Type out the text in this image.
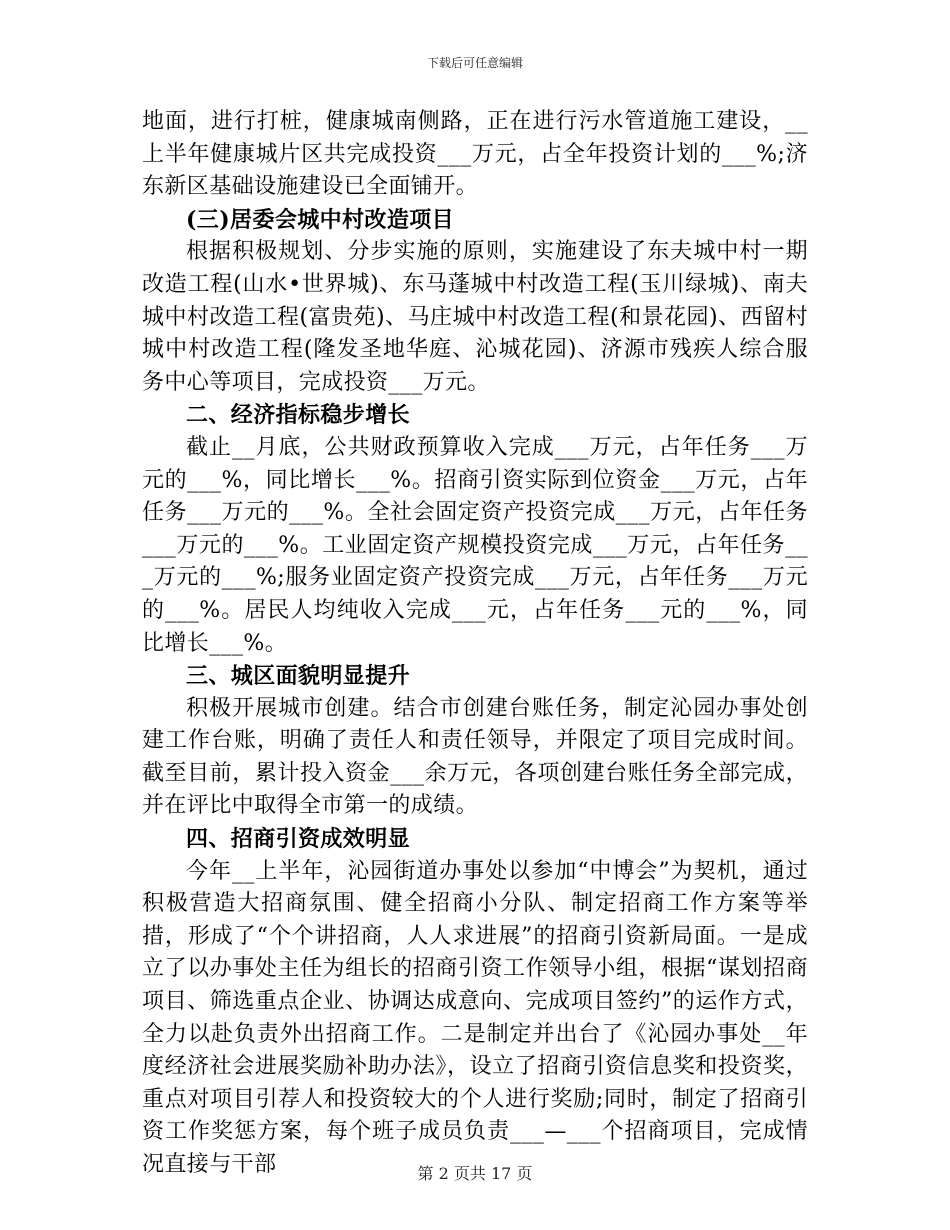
下载后可任意编辑

地面，进行打桩，健康城南侧路，正在进行污水管道施工建设，__上半年健康城片区共完成投资___万元，占全年投资计划的___%;济东新区基础设施建设已全面铺开。

(三)居委会城中村改造项目

根据积极规划、分步实施的原则，实施建设了东夫城中村一期改造工程(山水•世界城)、东马蓬城中村改造工程(玉川绿城)、南夫城中村改造工程(富贵苑)、马庄城中村改造工程(和景花园)、西留村城中村改造工程(隆发圣地华庭、沁城花园)、济源市残疾人综合服务中心等项目，完成投资___万元。

二、经济指标稳步增长

截止__月底，公共财政预算收入完成___万元，占年任务___万元的___%，同比增长___%。招商引资实际到位资金___万元，占年任务___万元的___%。全社会固定资产投资完成___万元，占年任务___万元的___%。工业固定资产规模投资完成___万元，占年任务___万元的___%;服务业固定资产投资完成___万元，占年任务___万元的___%。居民人均纯收入完成___元，占年任务___元的___%，同比增长___%。

三、城区面貌明显提升

积极开展城市创建。结合市创建台账任务，制定沁园办事处创建工作台账，明确了责任人和责任领导，并限定了项目完成时间。截至目前，累计投入资金___余万元，各项创建台账任务全部完成，并在评比中取得全市第一的成绩。

四、招商引资成效明显

今年__上半年，沁园街道办事处以参加“中博会”为契机，通过积极营造大招商氛围、健全招商小分队、制定招商工作方案等举措，形成了“个个讲招商，人人求进展”的招商引资新局面。一是成立了以办事处主任为组长的招商引资工作领导小组，根据“谋划招商项目、筛选重点企业、协调达成意向、完成项目签约”的运作方式，全力以赴负责外出招商工作。二是制定并出台了《沁园办事处__年度经济社会进展奖励补助办法》，设立了招商引资信息奖和投资奖，重点对项目引荐人和投资较大的个人进行奖励;同时，制定了招商引资工作奖惩方案，每个班子成员负责___—___个招商项目，完成情况直接与干部	第 2 页共 17 页
